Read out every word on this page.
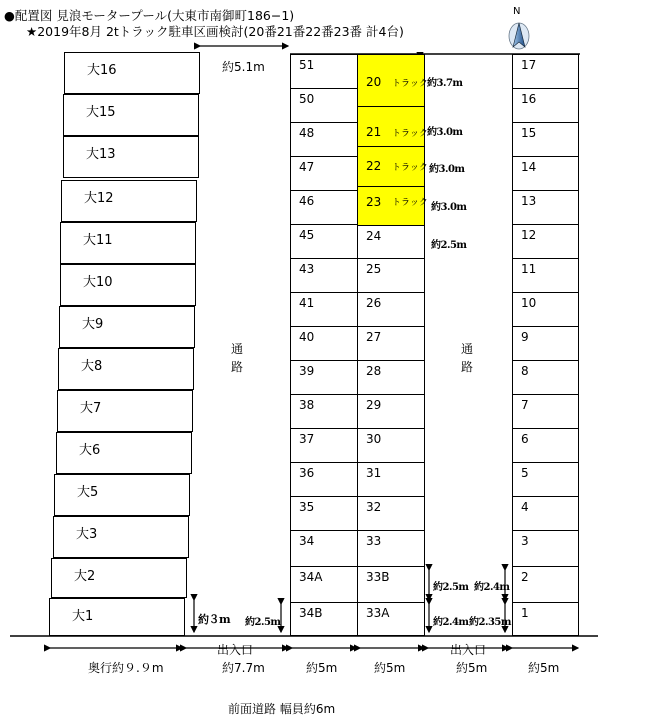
●配置図 見浪モータープール(大東市南御町186−1)
★2019年8月 2tトラック駐車区画検討(20番21番22番23番 計4台)
N
大16
大15
大13
大12
大11
大10
大9
大8
大7
大6
大5
大3
大2
大1
51
50
48
47
46
45
43
41
40
39
38
37
36
35
34
34A
34B
20
21
22
23
24
25
26
27
28
29
30
31
32
33
33B
33A
トラック
トラック
トラック
トラック
17
16
15
14
13
12
11
10
9
8
7
6
5
4
3
2
1
約5.1m
約3.7m
約3.0m
約3.0m
約3.0m
約2.5m
約３m 約2.5m
約2.5m 約2.4m
約2.4m 約2.35m
通
路
通
路
出入口	出入口
奥行約９.９m	約7.7m	約5m	約5m	約5m	約5m
前面道路 幅員約6m
